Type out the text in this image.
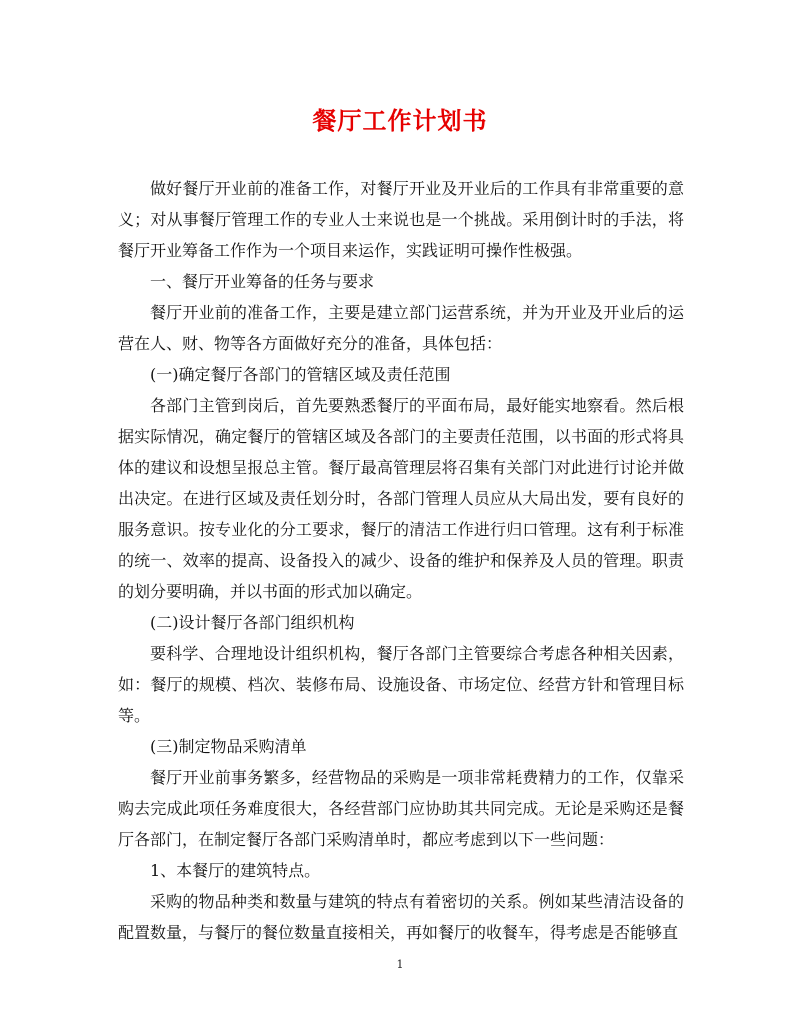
餐厅工作计划书

做好餐厅开业前的准备工作，对餐厅开业及开业后的工作具有非常重要的意义；对从事餐厅管理工作的专业人士来说也是一个挑战。采用倒计时的手法，将餐厅开业筹备工作作为一个项目来运作，实践证明可操作性极强。

一、餐厅开业筹备的任务与要求

餐厅开业前的准备工作，主要是建立部门运营系统，并为开业及开业后的运营在人、财、物等各方面做好充分的准备，具体包括：

(一)确定餐厅各部门的管辖区域及责任范围

各部门主管到岗后，首先要熟悉餐厅的平面布局，最好能实地察看。然后根据实际情况，确定餐厅的管辖区域及各部门的主要责任范围，以书面的形式将具体的建议和设想呈报总主管。餐厅最高管理层将召集有关部门对此进行讨论并做出决定。在进行区域及责任划分时，各部门管理人员应从大局出发，要有良好的服务意识。按专业化的分工要求，餐厅的清洁工作进行归口管理。这有利于标准的统一、效率的提高、设备投入的减少、设备的维护和保养及人员的管理。职责的划分要明确，并以书面的形式加以确定。

(二)设计餐厅各部门组织机构

要科学、合理地设计组织机构，餐厅各部门主管要综合考虑各种相关因素，如：餐厅的规模、档次、装修布局、设施设备、市场定位、经营方针和管理目标等。

(三)制定物品采购清单

餐厅开业前事务繁多，经营物品的采购是一项非常耗费精力的工作，仅靠采购去完成此项任务难度很大，各经营部门应协助其共同完成。无论是采购还是餐厅各部门，在制定餐厅各部门采购清单时，都应考虑到以下一些问题：

1、本餐厅的建筑特点。

采购的物品种类和数量与建筑的特点有着密切的关系。例如某些清洁设备的配置数量，与餐厅的餐位数量直接相关，再如餐厅的收餐车，得考虑是否能够直

1
